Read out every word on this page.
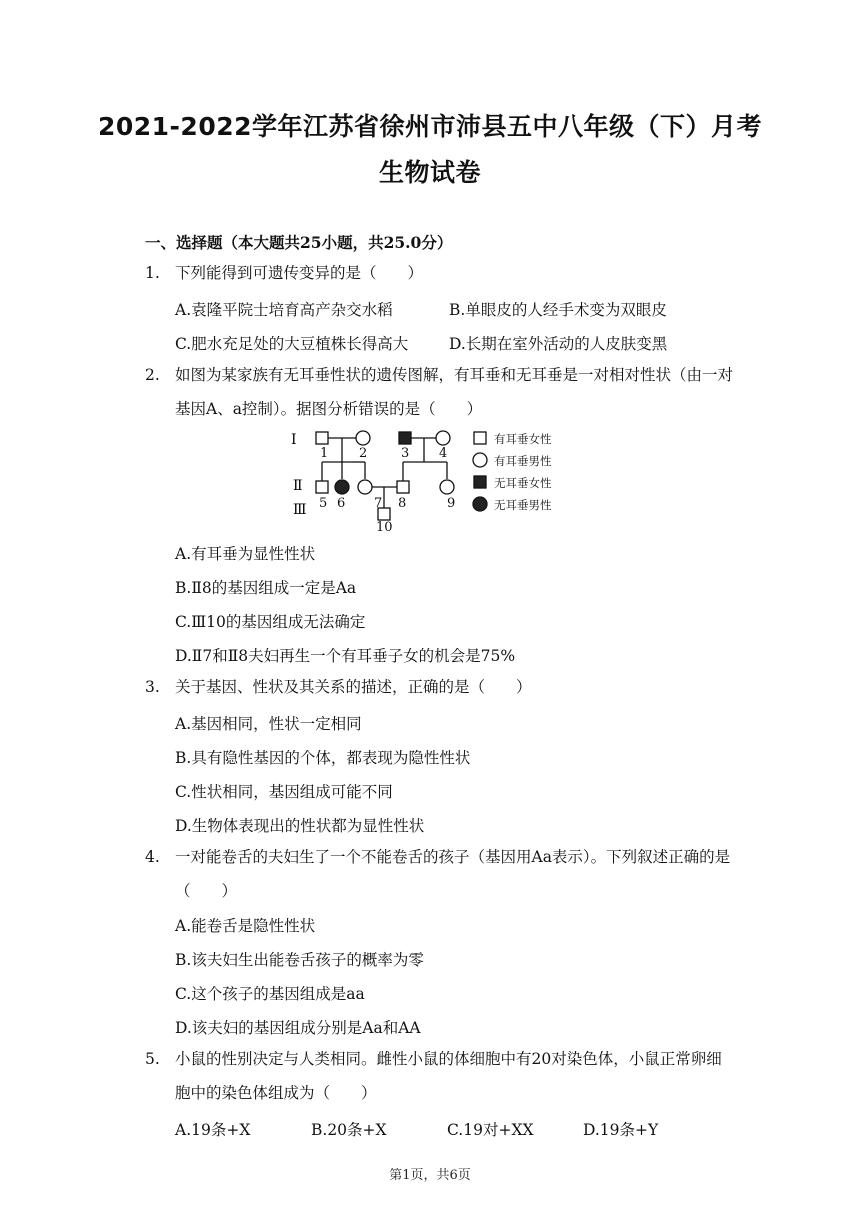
2021-2022学年江苏省徐州市沛县五中八年级（下）月考
生物试卷
一、选择题（本大题共25小题，共25.0分）
1. 下列能得到可遗传变异的是（　　）
A.袁隆平院士培育高产杂交水稻	B.单眼皮的人经手术变为双眼皮
C.肥水充足处的大豆植株长得高大	D.长期在室外活动的人皮肤变黑
2. 如图为某家族有无耳垂性状的遗传图解，有耳垂和无耳垂是一对相对性状（由一对基因A、a控制）。据图分析错误的是（　　）
Ⅰ
Ⅱ
Ⅲ
1 2	3 4
5 6 7 8	9
10
有耳垂女性
有耳垂男性
无耳垂女性
无耳垂男性
A.有耳垂为显性性状
B.Ⅱ8的基因组成一定是Aa
C.Ⅲ10的基因组成无法确定
D.Ⅱ7和Ⅱ8夫妇再生一个有耳垂子女的机会是75%
3. 关于基因、性状及其关系的描述，正确的是（　　）
A.基因相同，性状一定相同
B.具有隐性基因的个体，都表现为隐性性状
C.性状相同，基因组成可能不同
D.生物体表现出的性状都为显性性状
4. 一对能卷舌的夫妇生了一个不能卷舌的孩子（基因用Aa表示）。下列叙述正确的是（　　）
A.能卷舌是隐性性状
B.该夫妇生出能卷舌孩子的概率为零
C.这个孩子的基因组成是aa
D.该夫妇的基因组成分别是Aa和AA
5. 小鼠的性别决定与人类相同。雌性小鼠的体细胞中有20对染色体，小鼠正常卵细胞中的染色体组成为（　　）
A.19条+X	B.20条+X	C.19对+XX	D.19条+Y
第1页，共6页
